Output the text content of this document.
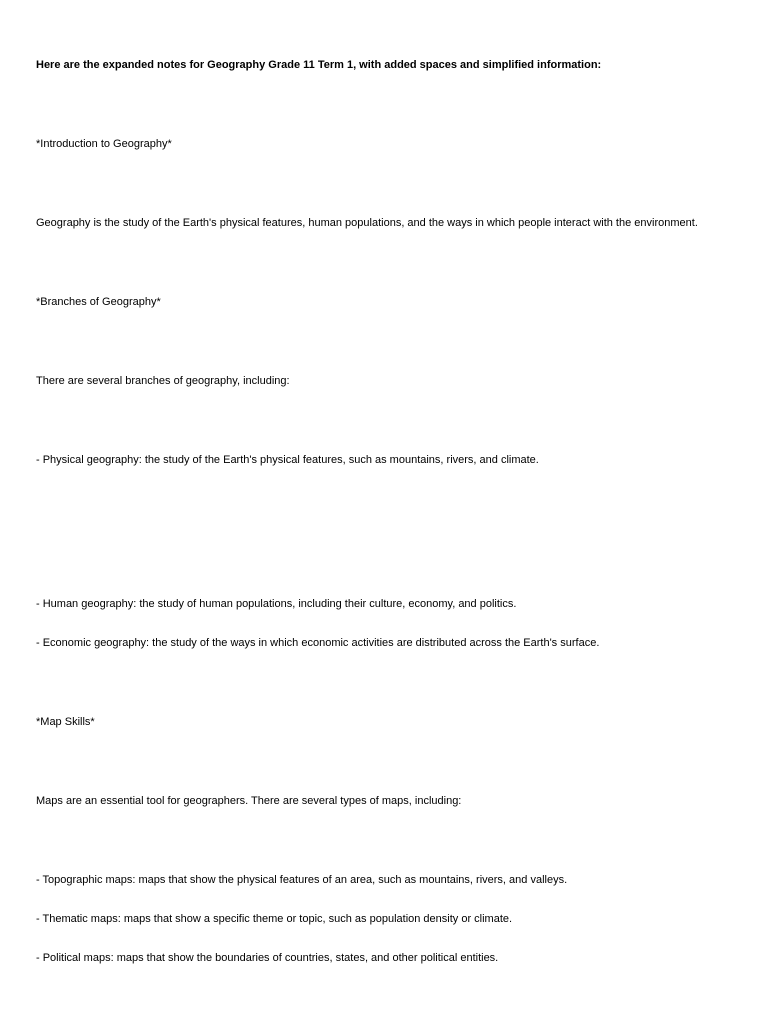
Here are the expanded notes for Geography Grade 11 Term 1, with added spaces and simplified information:

*Introduction to Geography*

Geography is the study of the Earth's physical features, human populations, and the ways in which people interact with the environment.

*Branches of Geography*

There are several branches of geography, including:

- Physical geography: the study of the Earth's physical features, such as mountains, rivers, and climate.

- Human geography: the study of human populations, including their culture, economy, and politics.

- Economic geography: the study of the ways in which economic activities are distributed across the Earth's surface.

*Map Skills*

Maps are an essential tool for geographers. There are several types of maps, including:

- Topographic maps: maps that show the physical features of an area, such as mountains, rivers, and valleys.

- Thematic maps: maps that show a specific theme or topic, such as population density or climate.

- Political maps: maps that show the boundaries of countries, states, and other political entities.
